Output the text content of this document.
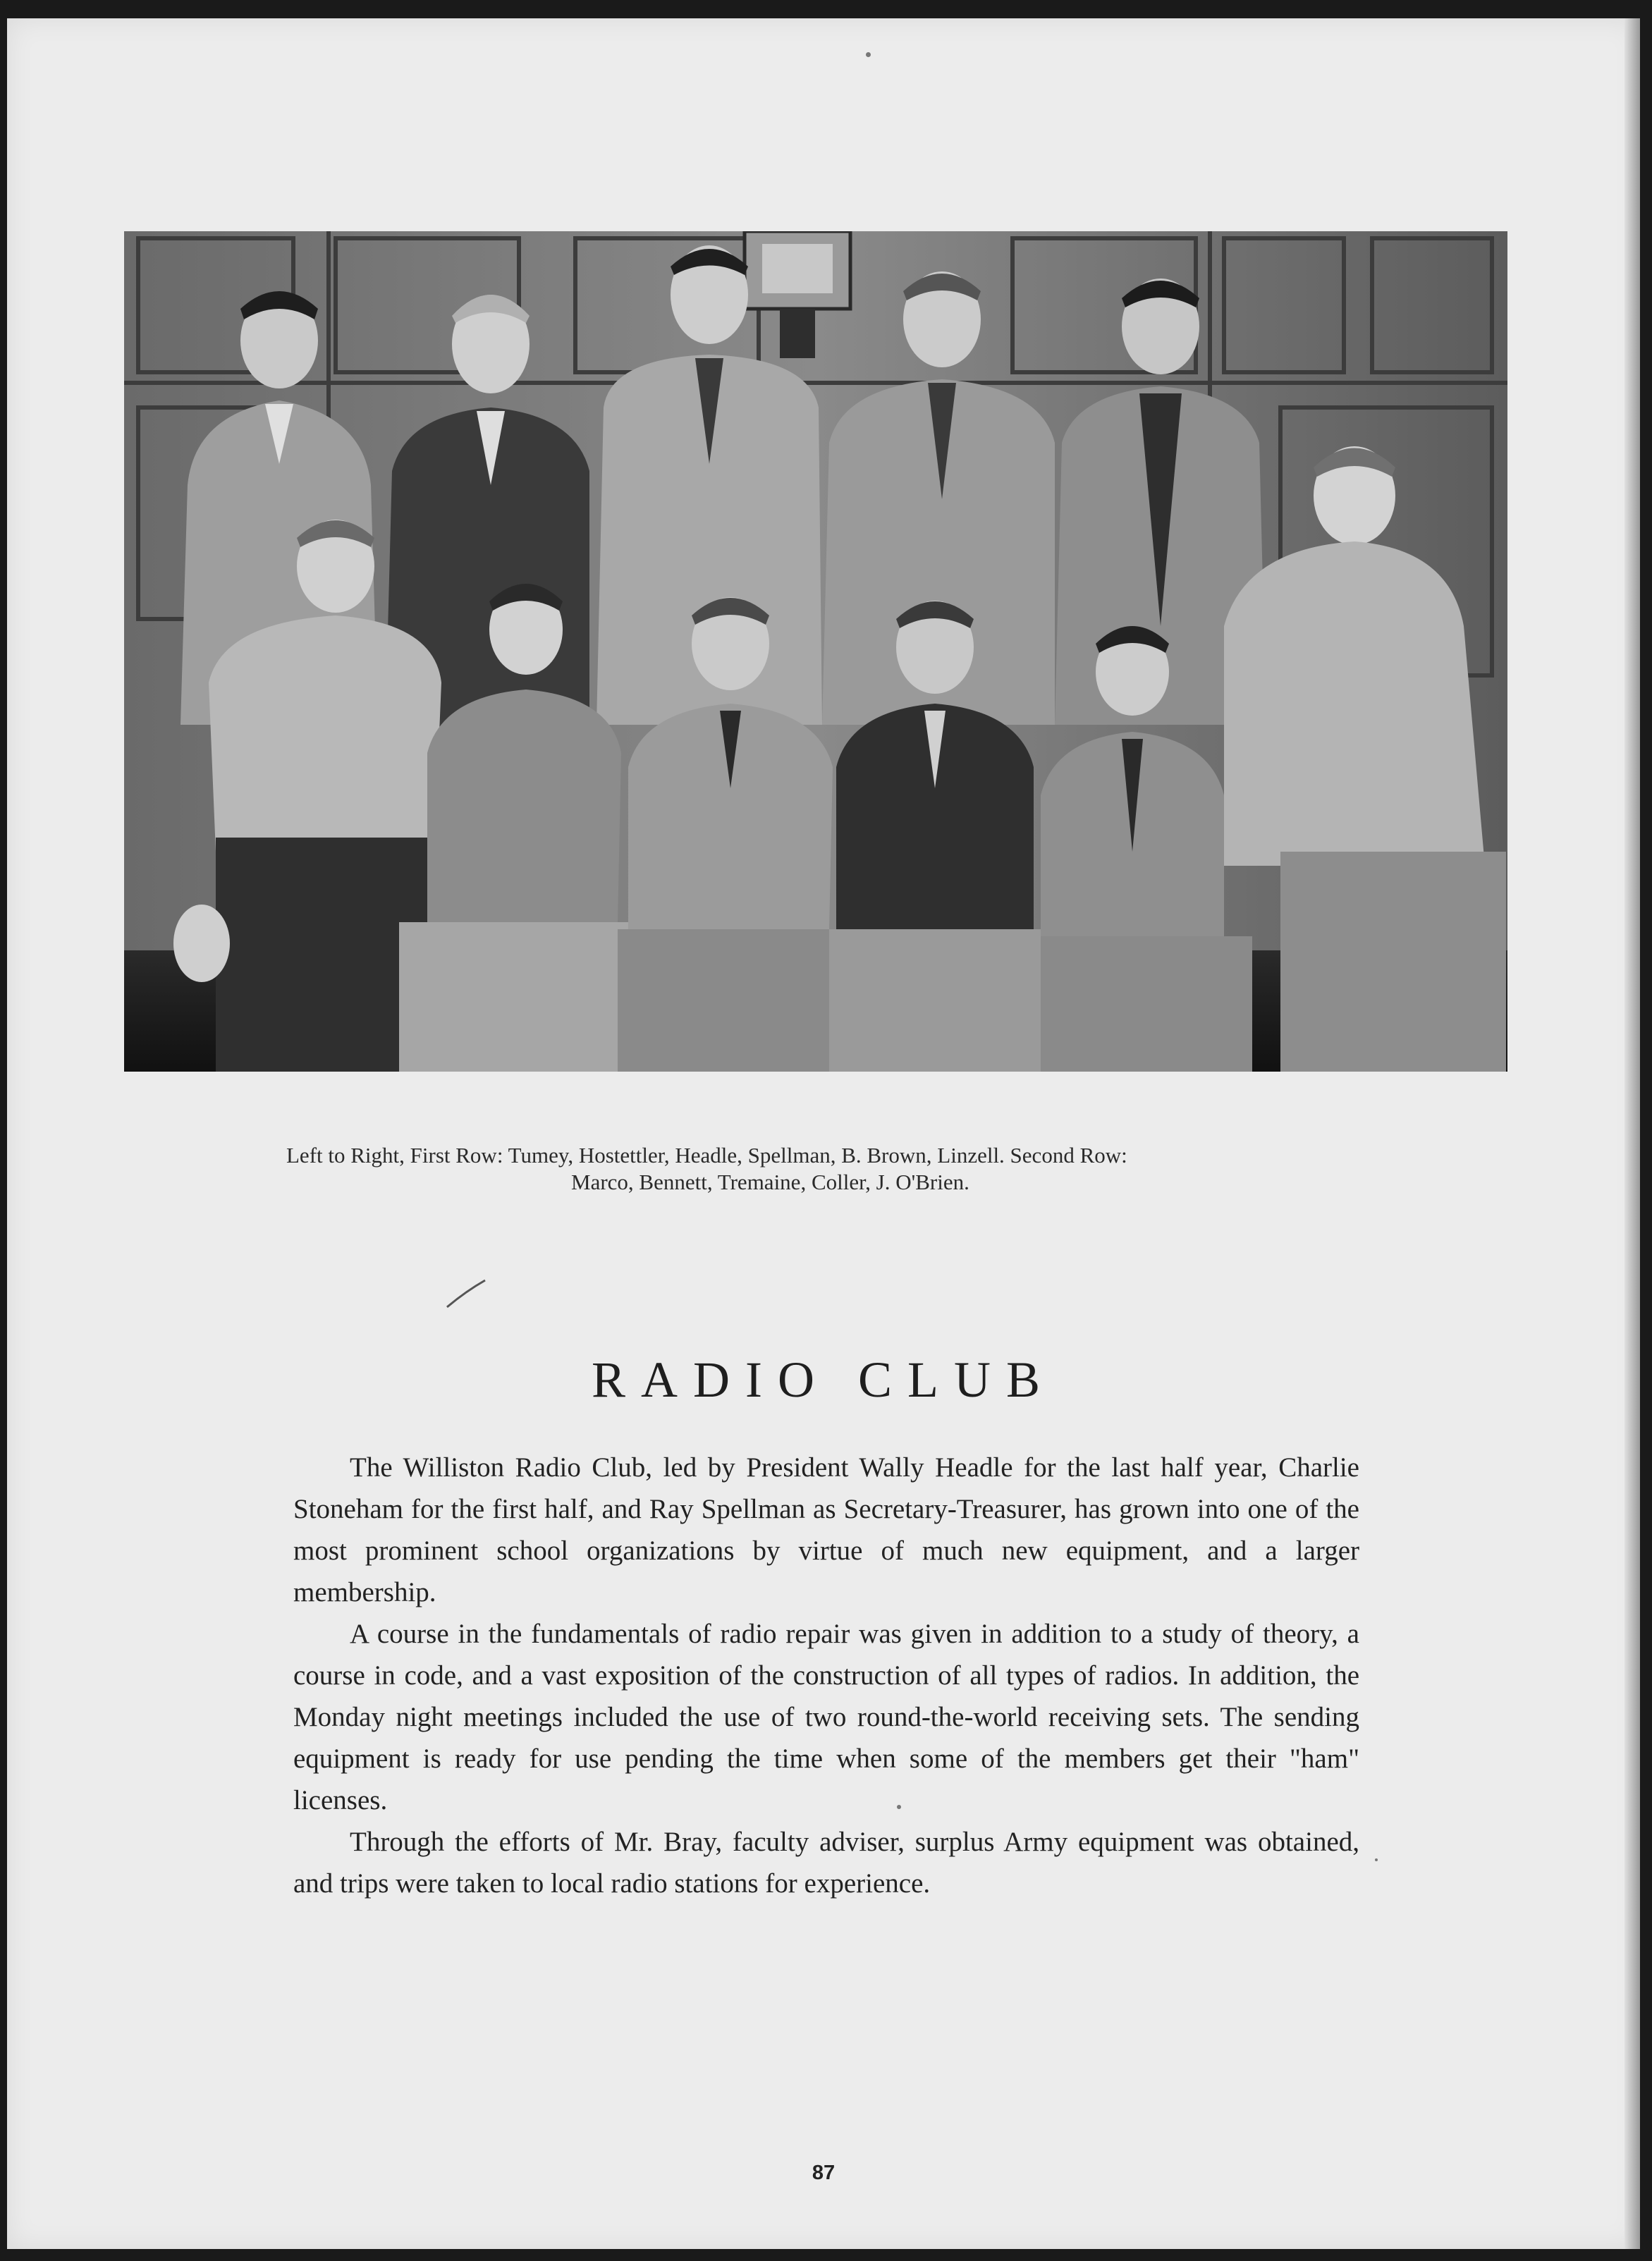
Left to Right, First Row: Tumey, Hostettler, Headle, Spellman, B. Brown, Linzell. Second Row:
Marco, Bennett, Tremaine, Coller, J. O'Brien.
RADIO CLUB

The Williston Radio Club, led by President Wally Headle for the last half year, Charlie Stoneham for the first half, and Ray Spellman as Secretary-Treasurer, has grown into one of the most prominent school organizations by virtue of much new equipment, and a larger membership.

A course in the fundamentals of radio repair was given in addition to a study of theory, a course in code, and a vast exposition of the construction of all types of radios. In addition, the Monday night meetings included the use of two round-the-world receiving sets. The sending equipment is ready for use pending the time when some of the members get their "ham" licenses.

Through the efforts of Mr. Bray, faculty adviser, surplus Army equipment was obtained, and trips were taken to local radio stations for experience.

87
